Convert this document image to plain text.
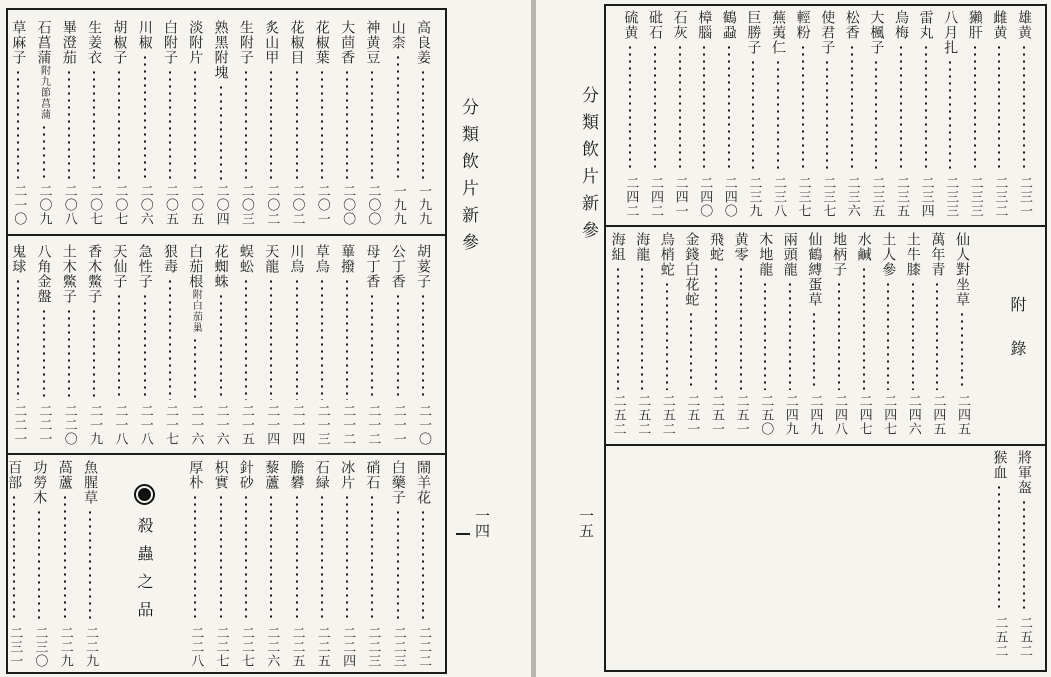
高良姜
一九九
山柰
一九九
神黄豆
二〇〇
大茴香
二〇〇
花椒葉
二〇一
花椒目
二〇二
炙山甲
二〇二
生附子
二〇三
熟黑附塊
二〇四
淡附片
二〇五
白附子
二〇五
川椒
二〇六
胡椒子
二〇七
生姜衣
二〇七
畢澄茄
二〇八
石菖蒲
附九節菖蒲
二〇九
草麻子
二一〇
胡荽子
二一〇
公丁香
二一一
母丁香
二一二
蓽撥
二一二
草烏
二一三
川烏
二一四
天龍
二一四
蜈蚣
二一五
花蜘蛛
二一六
白茄根
附白茄巢
二一六
狠毒
二一七
急性子
二一八
天仙子
二一八
香木鱉子
二一九
土木鱉子
二二〇
八角金盤
二二一
鬼球
二二一
鬧羊花
二二二
白藥子
二二三
硝石
二二三
冰片
二二四
石緑
二二五
膽礬
二二五
藜蘆
二二六
針砂
二二七
枳實
二二七
厚朴
二二八
魚腥草
二二九
萵蘆
二二九
功勞木
二三〇
百部
二三一
殺蟲之品
分類飲片新參
一四
雄黄
二三一
雌黄
二三二
獺肝
二三三
八月扎
二三三
雷丸
二三四
烏梅
二三五
大楓子
二三五
松香
二三六
使君子
二三七
輕粉
二三七
蕪荑仁
二三八
巨勝子
二三九
鶴蝨
二四〇
樟腦
二四〇
石灰
二四一
砒石
二四二
硫黄
二四二
仙人對坐草
二四五
萬年青
二四五
土牛膝
二四六
土人參
二四七
水鹹
二四七
地柄子
二四八
仙鶴縛蛋草
二四九
兩頭龍
二四九
木地龍
二五〇
黄零
二五一
飛蛇
二五一
金錢白花蛇
二五一
烏梢蛇
二五二
海龍
二五二
海組
二五二
將軍盔
二五二
猴血
二五二
附錄
分類飲片新參
一五
